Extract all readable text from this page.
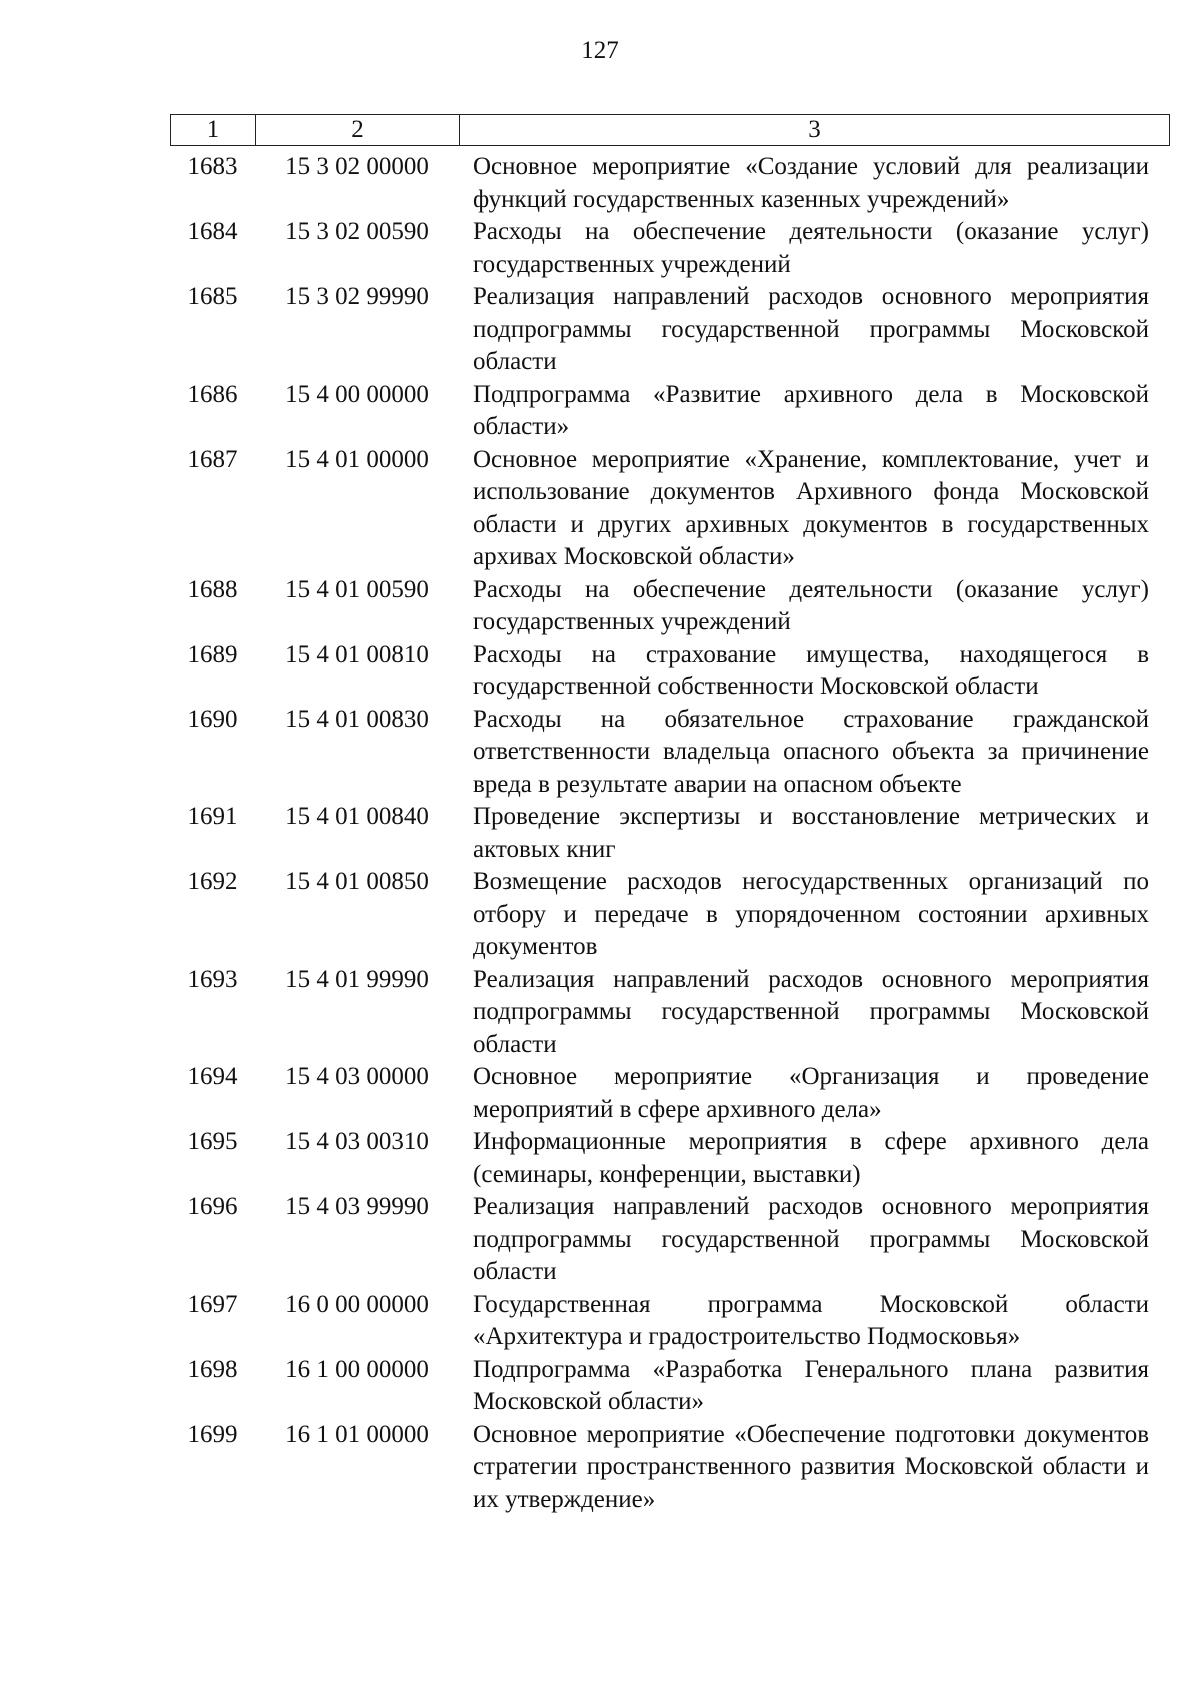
127
1	2	3
1683	15 3 02 00000	Основное мероприятие «Создание условий для реализации функций государственных казенных учреждений»
1684	15 3 02 00590	Расходы на обеспечение деятельности (оказание услуг) государственных учреждений
1685	15 3 02 99990	Реализация направлений расходов основного мероприятия подпрограммы государственной программы Московской области
1686	15 4 00 00000	Подпрограмма «Развитие архивного дела в Московской области»
1687	15 4 01 00000	Основное мероприятие «Хранение, комплектование, учет и использование документов Архивного фонда Московской области и других архивных документов в государственных архивах Московской области»
1688	15 4 01 00590	Расходы на обеспечение деятельности (оказание услуг) государственных учреждений
1689	15 4 01 00810	Расходы на страхование имущества, находящегося в государственной собственности Московской области
1690	15 4 01 00830	Расходы на обязательное страхование гражданской ответственности владельца опасного объекта за причинение вреда в результате аварии на опасном объекте
1691	15 4 01 00840	Проведение экспертизы и восстановление метрических и актовых книг
1692	15 4 01 00850	Возмещение расходов негосударственных организаций по отбору и передаче в упорядоченном состоянии архивных документов
1693	15 4 01 99990	Реализация направлений расходов основного мероприятия подпрограммы государственной программы Московской области
1694	15 4 03 00000	Основное мероприятие «Организация и проведение мероприятий в сфере архивного дела»
1695	15 4 03 00310	Информационные мероприятия в сфере архивного дела (семинары, конференции, выставки)
1696	15 4 03 99990	Реализация направлений расходов основного мероприятия подпрограммы государственной программы Московской области
1697	16 0 00 00000	Государственная программа Московской области «Архитектура и градостроительство Подмосковья»
1698	16 1 00 00000	Подпрограмма «Разработка Генерального плана развития Московской области»
1699	16 1 01 00000	Основное мероприятие «Обеспечение подготовки документов стратегии пространственного развития Московской области и их утверждение»
